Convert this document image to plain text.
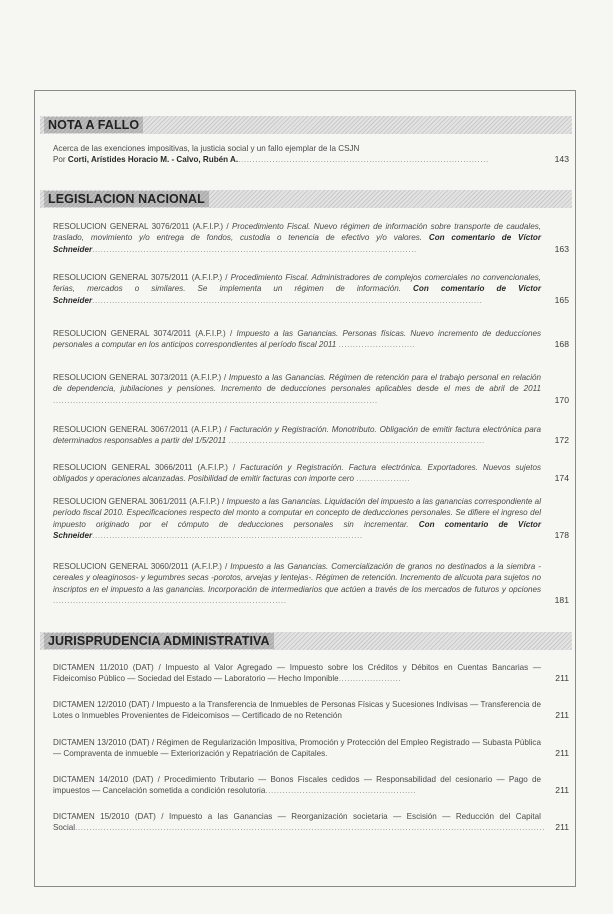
NOTA A FALLO
Acerca de las exenciones impositivas, la justicia social y un fallo ejemplar de la CSJN
Por Corti, Arístides Horacio M. - Calvo, Rubén A.........................................................................................	143
LEGISLACION NACIONAL
RESOLUCION GENERAL 3076/2011 (A.F.I.P.) / Procedimiento Fiscal. Nuevo régimen de información sobre transporte de caudales, traslado, movimiento y/o entrega de fondos, custodia o tenencia de efectivo y/o valores. Con comentario de Víctor Schneider..................................................................................................................	163
RESOLUCION GENERAL 3075/2011 (A.F.I.P.) / Procedimiento Fiscal. Administradores de complejos comerciales no convencionales, ferias, mercados o similares. Se implementa un régimen de información. Con comentario de Víctor Schneider.........................................................................................................................................	165
RESOLUCION GENERAL 3074/2011 (A.F.I.P.) / Impuesto a las Ganancias. Personas físicas. Nuevo incremento de deducciones personales a computar en los anticipos correspondientes al período fiscal 2011 ...........................	168
RESOLUCION GENERAL 3073/2011 (A.F.I.P.) / Impuesto a las Ganancias. Régimen de retención para el trabajo personal en relación de dependencia, jubilaciones y pensiones. Incremento de deducciones personales aplicables desde el mes de abril de 2011 ..................................................................................................................	170
RESOLUCION GENERAL 3067/2011 (A.F.I.P.) / Facturación y Registración. Monotributo. Obligación de emitir factura electrónica para determinados responsables a partir del 1/5/2011 ..........................................................................................	172
RESOLUCION GENERAL 3066/2011 (A.F.I.P.) / Facturación y Registración. Factura electrónica. Exportadores. Nuevos sujetos obligados y operaciones alcanzadas. Posibilidad de emitir facturas con importe cero ...................	174
RESOLUCION GENERAL 3061/2011 (A.F.I.P.) / Impuesto a las Ganancias. Liquidación del impuesto a las ganancias correspondiente al período fiscal 2010. Especificaciones respecto del monto a computar en concepto de deducciones personales. Se difiere el ingreso del impuesto originado por el cómputo de deducciones personales sin incrementar. Con comentario de Víctor Schneider...............................................................................................	178
RESOLUCION GENERAL 3060/2011 (A.F.I.P.) / Impuesto a las Ganancias. Comercialización de granos no destinados a la siembra -cereales y oleaginosos- y legumbres secas -porotos, arvejas y lentejas-. Régimen de retención. Incremento de alícuota para sujetos no inscriptos en el impuesto a las ganancias. Incorporación de intermediarios que actúen a través de los mercados de futuros y opciones ..................................................................................	181
JURISPRUDENCIA ADMINISTRATIVA
DICTAMEN 11/2010 (DAT) / Impuesto al Valor Agregado — Impuesto sobre los Créditos y Débitos en Cuentas Bancarias — Fideicomiso Público — Sociedad del Estado — Laboratorio — Hecho Imponible......................	211
DICTAMEN 12/2010 (DAT) / Impuesto a la Transferencia de Inmuebles de Personas Físicas y Sucesiones Indivisas — Transferencia de Lotes o Inmuebles Provenientes de Fideicomisos — Certificado de no Retención	211
DICTAMEN 13/2010 (DAT) / Régimen de Regularización Impositiva, Promoción y Protección del Empleo Registrado — Subasta Pública — Compraventa de inmueble — Exteriorización y Repatriación de Capitales.	211
DICTAMEN 14/2010 (DAT) / Procedimiento Tributario — Bonos Fiscales cedidos — Responsabilidad del cesionario — Pago de impuestos — Cancelación sometida a condición resolutoria.....................................................	211
DICTAMEN 15/2010 (DAT) / Impuesto a las Ganancias — Reorganización societaria — Escisión — Reducción del Capital Social.....................................................................................................................................................................	211
